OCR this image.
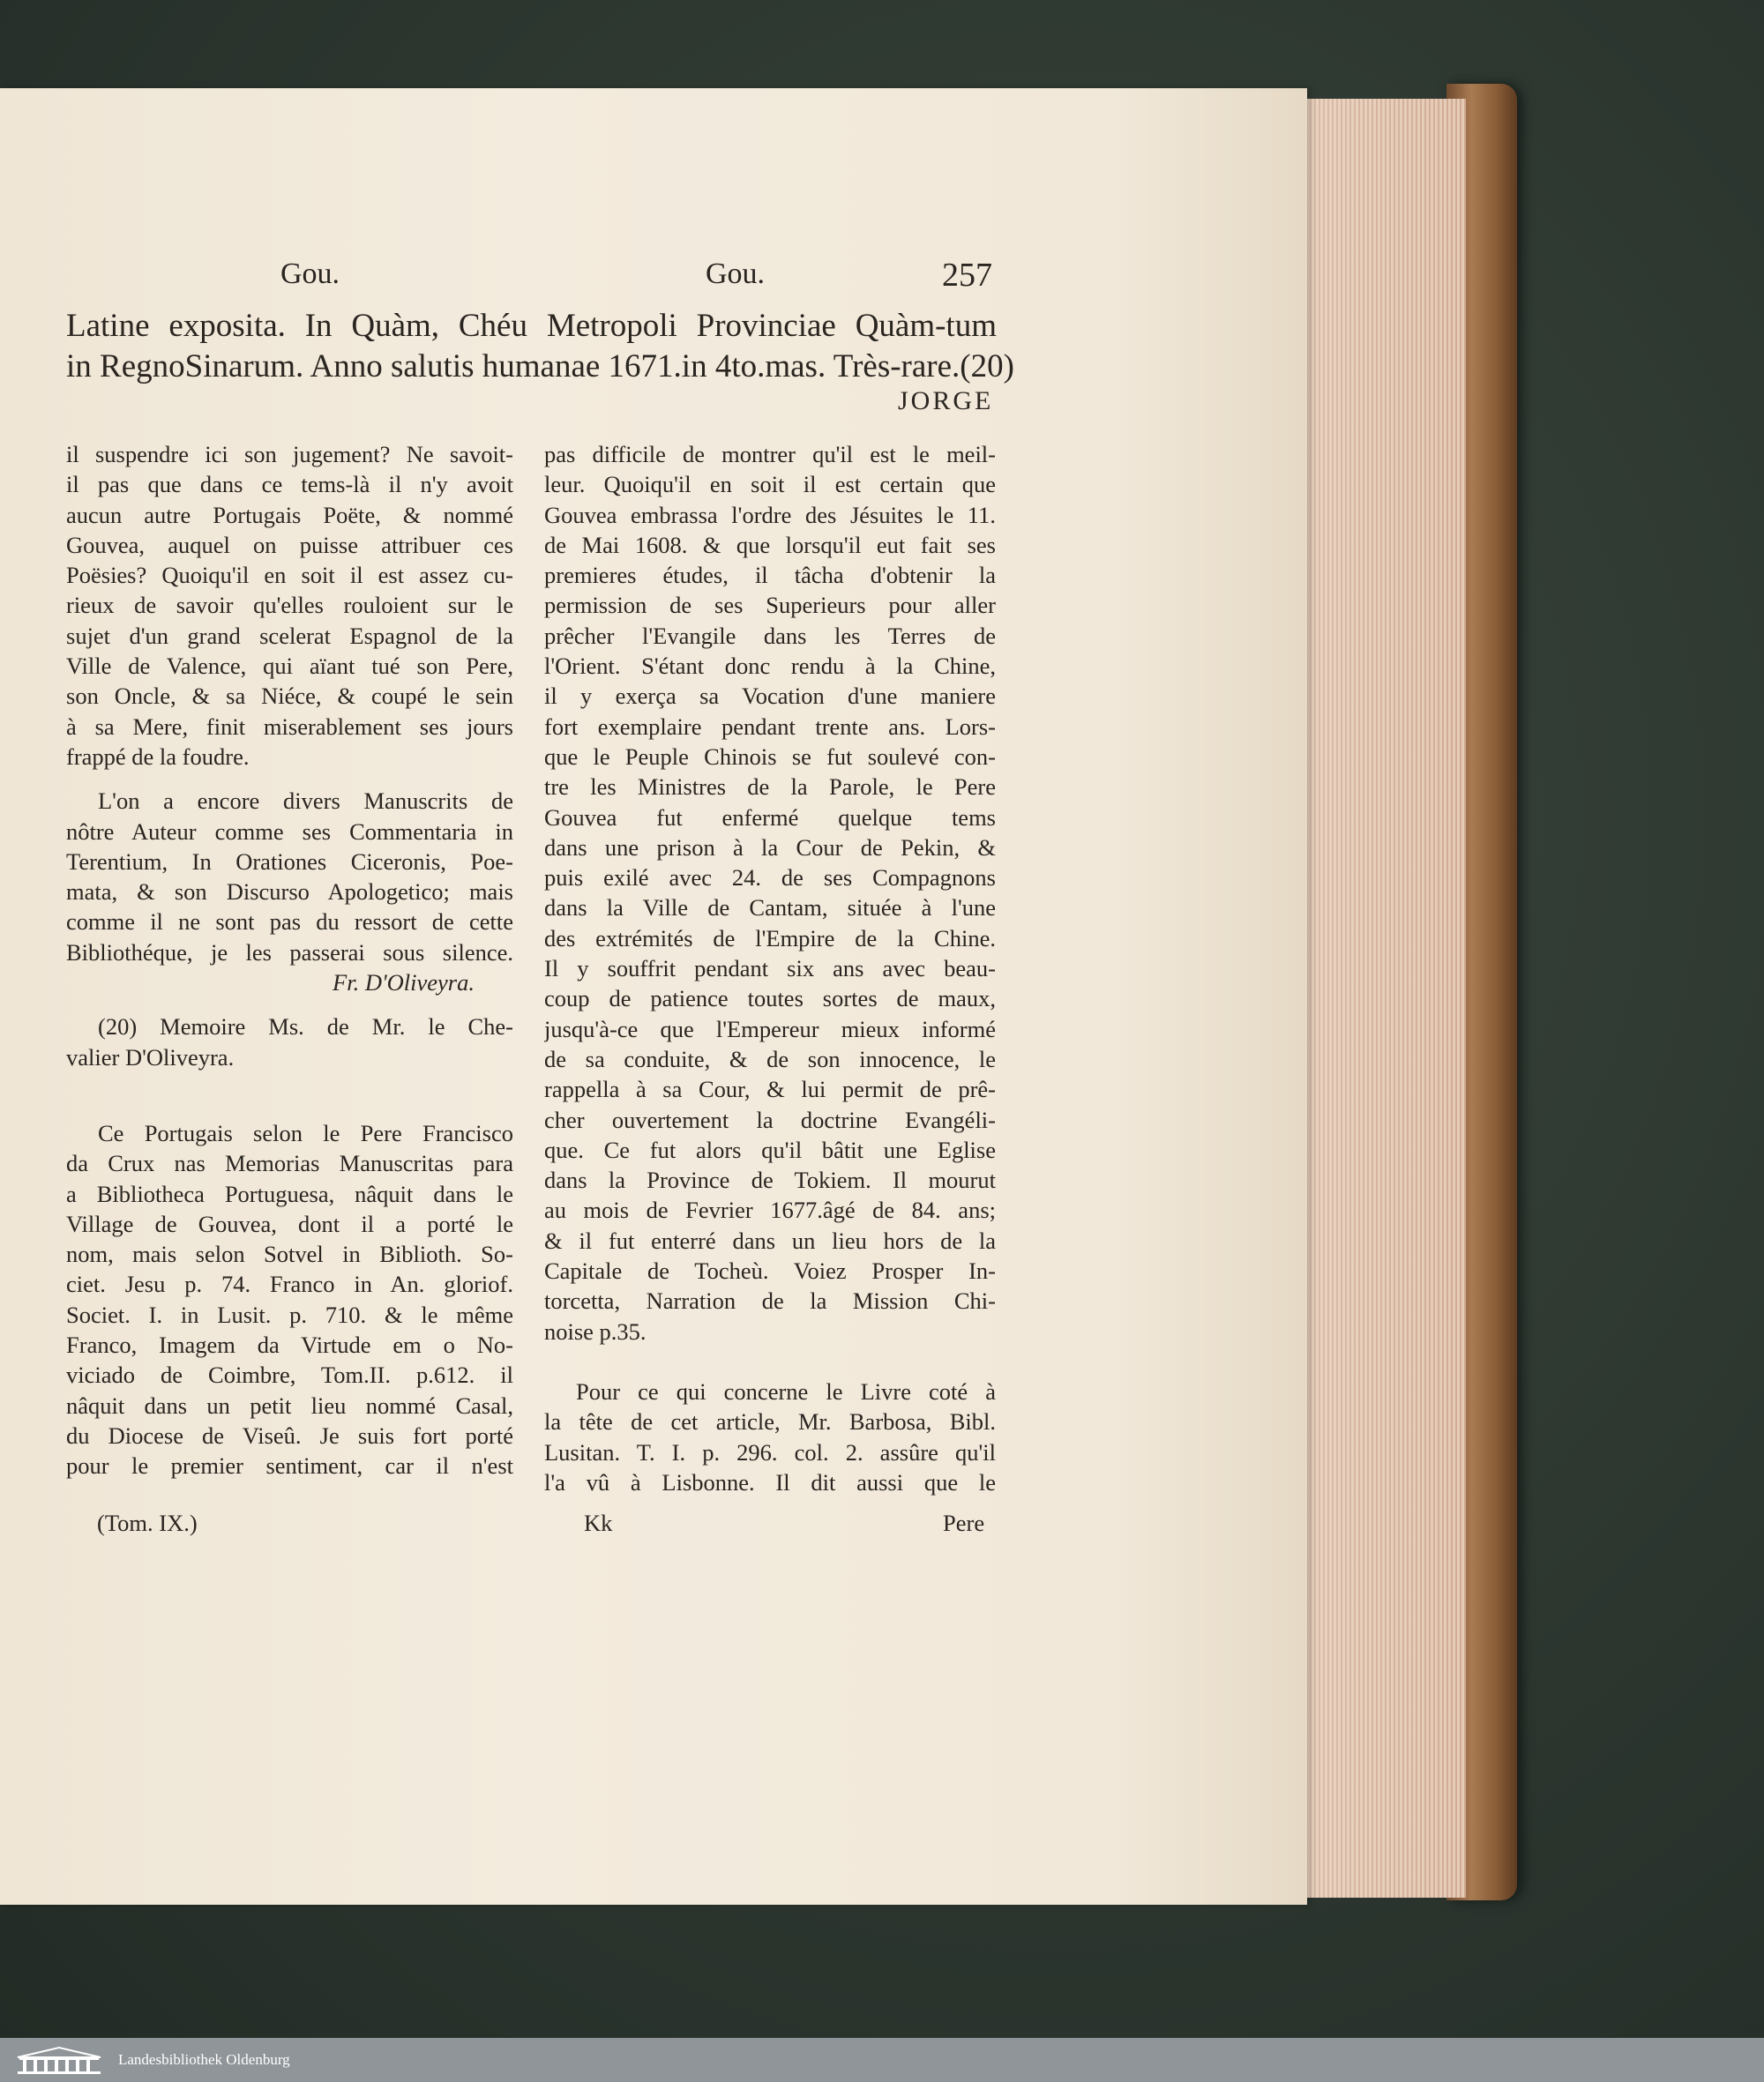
Gou.	Gou.	257
Latine exposita. In Quàm, Chéu Metropoli Provinciae Quàm-tum
in RegnoSinarum. Anno salutis humanae 1671.in 4to.mas. Très-rare.(20)
JORGE
il suspendre ici son jugement? Ne savoit-
il pas que dans ce tems-là il n'y avoit
aucun autre Portugais Poëte, & nommé
Gouvea, auquel on puisse attribuer ces
Poësies? Quoiqu'il en soit il est assez cu-
rieux de savoir qu'elles rouloient sur le
sujet d'un grand scelerat Espagnol de la
Ville de Valence, qui aïant tué son Pere,
son Oncle, & sa Niéce, & coupé le sein
à sa Mere, finit miserablement ses jours
frappé de la foudre.
L'on a encore divers Manuscrits de
nôtre Auteur comme ses Commentaria in
Terentium, In Orationes Ciceronis, Poe-
mata, & son Discurso Apologetico; mais
comme il ne sont pas du ressort de cette
Bibliothéque, je les passerai sous silence.
Fr. D'Oliveyra.
(20) Memoire Ms. de Mr. le Che-
valier D'Oliveyra.
Ce Portugais selon le Pere Francisco
da Crux nas Memorias Manuscritas para
a Bibliotheca Portuguesa, nâquit dans le
Village de Gouvea, dont il a porté le
nom, mais selon Sotvel in Biblioth. So-
ciet. Jesu p. 74. Franco in An. gloriof.
Societ. I. in Lusit. p. 710. & le même
Franco, Imagem da Virtude em o No-
viciado de Coimbre, Tom.II. p.612. il
nâquit dans un petit lieu nommé Casal,
du Diocese de Viseû. Je suis fort porté
pour le premier sentiment, car il n'est
pas difficile de montrer qu'il est le meil-
leur. Quoiqu'il en soit il est certain que
Gouvea embrassa l'ordre des Jésuites le 11.
de Mai 1608. & que lorsqu'il eut fait ses
premieres études, il tâcha d'obtenir la
permission de ses Superieurs pour aller
prêcher l'Evangile dans les Terres de
l'Orient. S'étant donc rendu à la Chine,
il y exerça sa Vocation d'une maniere
fort exemplaire pendant trente ans. Lors-
que le Peuple Chinois se fut soulevé con-
tre les Ministres de la Parole, le Pere
Gouvea fut enfermé quelque tems
dans une prison à la Cour de Pekin, &
puis exilé avec 24. de ses Compagnons
dans la Ville de Cantam, située à l'une
des extrémités de l'Empire de la Chine.
Il y souffrit pendant six ans avec beau-
coup de patience toutes sortes de maux,
jusqu'à-ce que l'Empereur mieux informé
de sa conduite, & de son innocence, le
rappella à sa Cour, & lui permit de prê-
cher ouvertement la doctrine Evangéli-
que. Ce fut alors qu'il bâtit une Eglise
dans la Province de Tokiem. Il mourut
au mois de Fevrier 1677.âgé de 84. ans;
& il fut enterré dans un lieu hors de la
Capitale de Tocheù. Voiez Prosper In-
torcetta, Narration de la Mission Chi-
noise p.35.
Pour ce qui concerne le Livre coté à
la tête de cet article, Mr. Barbosa, Bibl.
Lusitan. T. I. p. 296. col. 2. assûre qu'il
l'a vû à Lisbonne. Il dit aussi que le
(Tom. IX.)	Kk	Pere
Landesbibliothek Oldenburg
